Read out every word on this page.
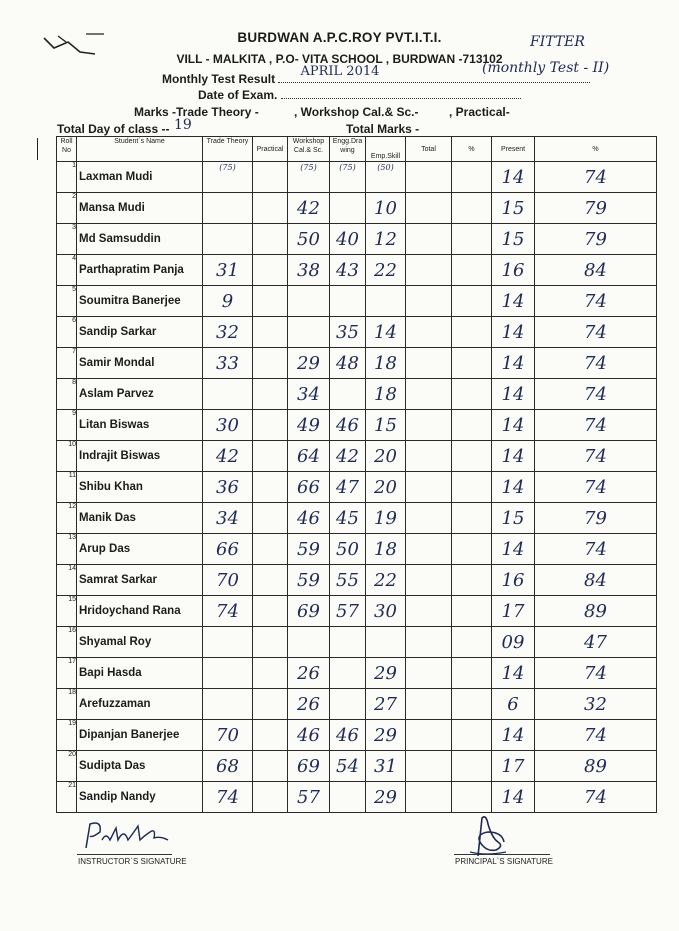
BURDWAN A.P.C.ROY PVT.I.T.I.
VILL - MALKITA , P.O- VITA SCHOOL , BURDWAN -713102
FITTER
(monthly Test - II)
Monthly Test Result APRIL 2014
Date of Exam.
Marks -Trade Theory -	, Workshop Cal.& Sc.-	, Practical-
Total Day of class -- 19	Total Marks -
Roll No	Student`s Name	Trade Theory	Practical	Workshop Cal.& Sc.	Engg.Dra wing	Emp.Skill	Total	%	Present	%
1	Laxman Mudi	(75)		(75)	(75)	(50)			14	74
2	Mansa Mudi			42		10			15	79
3	Md Samsuddin			50	40	12			15	79
4	Parthapratim Panja	31		38	43	22			16	84
5	Soumitra Banerjee	9							14	74
6	Sandip Sarkar	32			35	14			14	74
7	Samir Mondal	33		29	48	18			14	74
8	Aslam Parvez			34		18			14	74
9	Litan Biswas	30		49	46	15			14	74
10	Indrajit Biswas	42		64	42	20			14	74
11	Shibu Khan	36		66	47	20			14	74
12	Manik Das	34		46	45	19			15	79
13	Arup Das	66		59	50	18			14	74
14	Samrat Sarkar	70		59	55	22			16	84
15	Hridoychand Rana	74		69	57	30			17	89
16	Shyamal Roy								09	47
17	Bapi Hasda			26		29			14	74
18	Arefuzzaman			26		27			6	32
19	Dipanjan Banerjee	70		46	46	29			14	74
20	Sudipta Das	68		69	54	31			17	89
21	Sandip Nandy	74		57		29			14	74
INSTRUCTOR`S SIGNATURE	PRINCIPAL`S SIGNATURE
